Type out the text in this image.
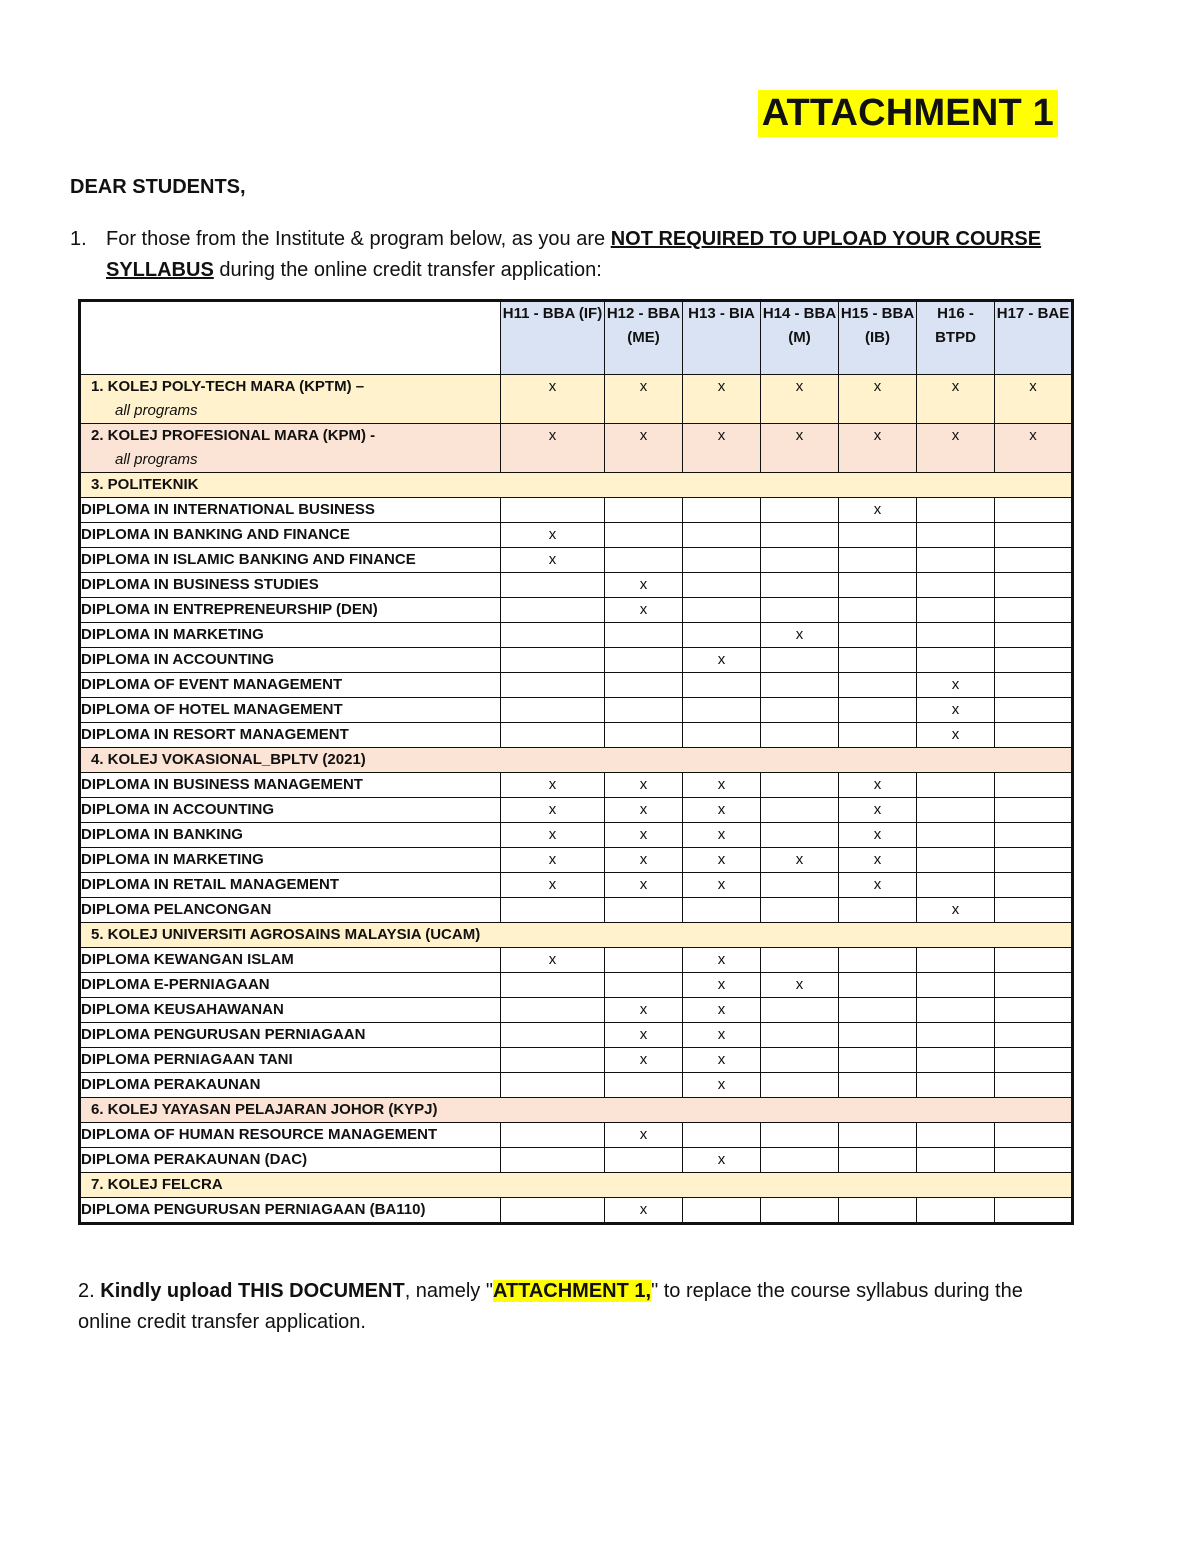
ATTACHMENT 1
DEAR STUDENTS,
1. For those from the Institute & program below, as you are NOT REQUIRED TO UPLOAD YOUR COURSE SYLLABUS during the online credit transfer application:
	H11 - BBA (IF)	H12 - BBA (ME)	H13 - BIA	H14 - BBA (M)	H15 - BBA (IB)	H16 - BTPD	H17 - BAE

1. KOLEJ POLY-TECH MARA (KPTM) –
all programs	x	x	x	x	x	x	x

2. KOLEJ PROFESIONAL MARA (KPM) -
all programs	x	x	x	x	x	x	x

3. POLITEKNIK							

DIPLOMA IN INTERNATIONAL BUSINESS					x		
DIPLOMA IN BANKING AND FINANCE	x						
DIPLOMA IN ISLAMIC BANKING AND FINANCE	x						
DIPLOMA IN BUSINESS STUDIES		x					
DIPLOMA IN ENTREPRENEURSHIP (DEN)		x					
DIPLOMA IN MARKETING				x			
DIPLOMA IN ACCOUNTING			x				
DIPLOMA OF EVENT MANAGEMENT						x	
DIPLOMA OF HOTEL MANAGEMENT						x	
DIPLOMA IN RESORT MANAGEMENT						x	

4. KOLEJ VOKASIONAL_BPLTV (2021)							

DIPLOMA IN BUSINESS MANAGEMENT	x	x	x		x		
DIPLOMA IN ACCOUNTING	x	x	x		x		
DIPLOMA IN BANKING	x	x	x		x		
DIPLOMA IN MARKETING	x	x	x	x	x		
DIPLOMA IN RETAIL MANAGEMENT	x	x	x		x		
DIPLOMA PELANCONGAN						x	

5. KOLEJ UNIVERSITI AGROSAINS MALAYSIA (UCAM)							

DIPLOMA KEWANGAN ISLAM	x		x				
DIPLOMA E-PERNIAGAAN			x	x			
DIPLOMA KEUSAHAWANAN		x	x				
DIPLOMA PENGURUSAN PERNIAGAAN		x	x				
DIPLOMA PERNIAGAAN TANI		x	x				
DIPLOMA PERAKAUNAN			x				

6. KOLEJ YAYASAN PELAJARAN JOHOR (KYPJ)							

DIPLOMA OF HUMAN RESOURCE MANAGEMENT		x					
DIPLOMA PERAKAUNAN (DAC)			x				

7. KOLEJ FELCRA							

DIPLOMA PENGURUSAN PERNIAGAAN (BA110)		x					
2. Kindly upload THIS DOCUMENT, namely "ATTACHMENT 1," to replace the course syllabus during the online credit transfer application.
